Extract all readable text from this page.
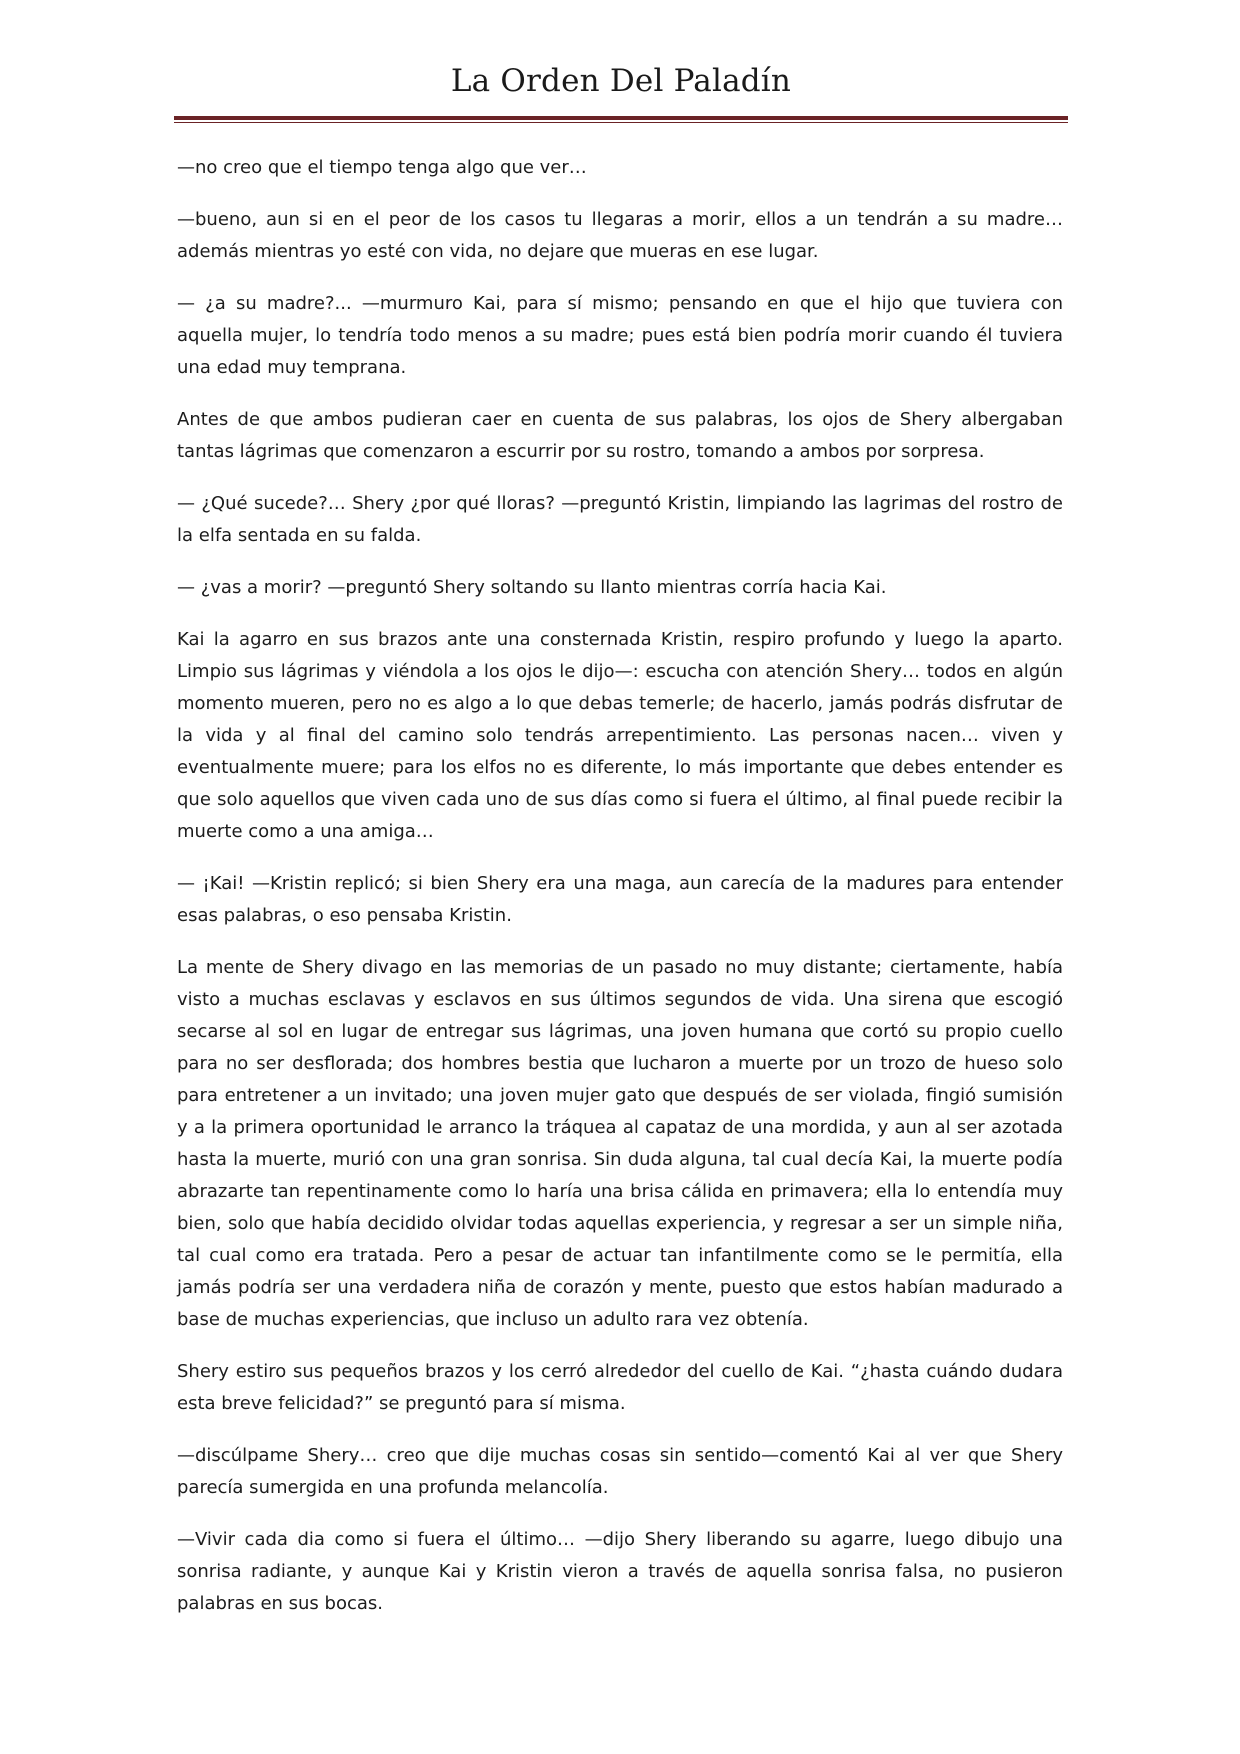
La Orden Del Paladín

—no creo que el tiempo tenga algo que ver…

—bueno, aun si en el peor de los casos tu llegaras a morir, ellos a un tendrán a su madre… además mientras yo esté con vida, no dejare que mueras en ese lugar.

— ¿a su madre?... —murmuro Kai, para sí mismo; pensando en que el hijo que tuviera con aquella mujer, lo tendría todo menos a su madre; pues está bien podría morir cuando él tuviera una edad muy temprana.

Antes de que ambos pudieran caer en cuenta de sus palabras, los ojos de Shery albergaban tantas lágrimas que comenzaron a escurrir por su rostro, tomando a ambos por sorpresa.

— ¿Qué sucede?… Shery ¿por qué lloras? —preguntó Kristin, limpiando las lagrimas del rostro de la elfa sentada en su falda.

— ¿vas a morir? —preguntó Shery soltando su llanto mientras corría hacia Kai.

Kai la agarro en sus brazos ante una consternada Kristin, respiro profundo y luego la aparto. Limpio sus lágrimas y viéndola a los ojos le dijo—: escucha con atención Shery… todos en algún momento mueren, pero no es algo a lo que debas temerle; de hacerlo, jamás podrás disfrutar de la vida y al final del camino solo tendrás arrepentimiento. Las personas nacen… viven y eventualmente muere; para los elfos no es diferente, lo más importante que debes entender es que solo aquellos que viven cada uno de sus días como si fuera el último, al final puede recibir la muerte como a una amiga…

— ¡Kai! —Kristin replicó; si bien Shery era una maga, aun carecía de la madures para entender esas palabras, o eso pensaba Kristin.

La mente de Shery divago en las memorias de un pasado no muy distante; ciertamente, había visto a muchas esclavas y esclavos en sus últimos segundos de vida. Una sirena que escogió secarse al sol en lugar de entregar sus lágrimas, una joven humana que cortó su propio cuello para no ser desflorada; dos hombres bestia que lucharon a muerte por un trozo de hueso solo para entretener a un invitado; una joven mujer gato que después de ser violada, fingió sumisión y a la primera oportunidad le arranco la tráquea al capataz de una mordida, y aun al ser azotada hasta la muerte, murió con una gran sonrisa. Sin duda alguna, tal cual decía Kai, la muerte podía abrazarte tan repentinamente como lo haría una brisa cálida en primavera; ella lo entendía muy bien, solo que había decidido olvidar todas aquellas experiencia, y regresar a ser un simple niña, tal cual como era tratada. Pero a pesar de actuar tan infantilmente como se le permitía, ella jamás podría ser una verdadera niña de corazón y mente, puesto que estos habían madurado a base de muchas experiencias, que incluso un adulto rara vez obtenía.

Shery estiro sus pequeños brazos y los cerró alrededor del cuello de Kai. “¿hasta cuándo dudara esta breve felicidad?” se preguntó para sí misma.

—discúlpame Shery… creo que dije muchas cosas sin sentido—comentó Kai al ver que Shery parecía sumergida en una profunda melancolía.

—Vivir cada dia como si fuera el último… —dijo Shery liberando su agarre, luego dibujo una sonrisa radiante, y aunque Kai y Kristin vieron a través de aquella sonrisa falsa, no pusieron palabras en sus bocas.
